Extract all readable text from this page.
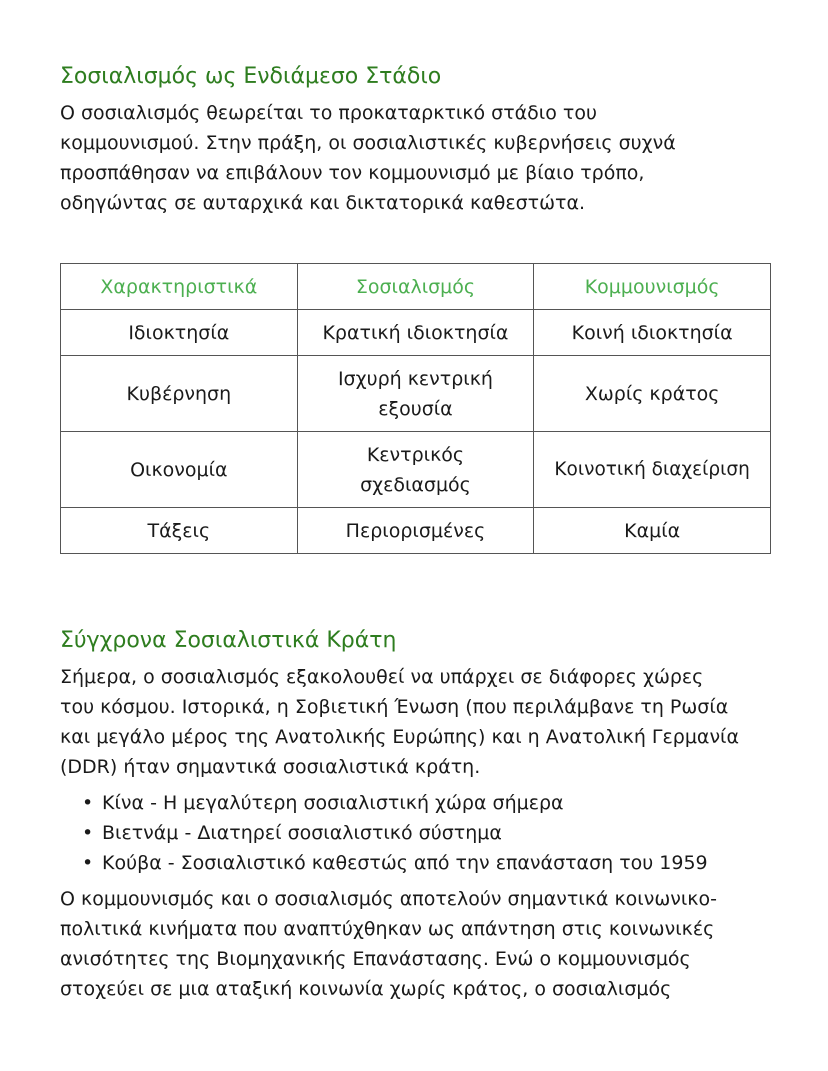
Σοσιαλισμός ως Ενδιάμεσο Στάδιο

Ο σοσιαλισμός θεωρείται το προκαταρκτικό στάδιο του
κομμουνισμού. Στην πράξη, οι σοσιαλιστικές κυβερνήσεις συχνά
προσπάθησαν να επιβάλουν τον κομμουνισμό με βίαιο τρόπο,
οδηγώντας σε αυταρχικά και δικτατορικά καθεστώτα.

Χαρακτηριστικά	Σοσιαλισμός	Κομμουνισμός
Ιδιοκτησία	Κρατική ιδιοκτησία	Κοινή ιδιοκτησία
Κυβέρνηση	Ισχυρή κεντρική εξουσία	Χωρίς κράτος
Οικονομία	Κεντρικός σχεδιασμός	Κοινοτική διαχείριση
Τάξεις	Περιορισμένες	Καμία
Σύγχρονα Σοσιαλιστικά Κράτη

Σήμερα, ο σοσιαλισμός εξακολουθεί να υπάρχει σε διάφορες χώρες
του κόσμου. Ιστορικά, η Σοβιετική Ένωση (που περιλάμβανε τη Ρωσία
και μεγάλο μέρος της Ανατολικής Ευρώπης) και η Ανατολική Γερμανία
(DDR) ήταν σημαντικά σοσιαλιστικά κράτη.

• Κίνα - Η μεγαλύτερη σοσιαλιστική χώρα σήμερα
• Βιετνάμ - Διατηρεί σοσιαλιστικό σύστημα
• Κούβα - Σοσιαλιστικό καθεστώς από την επανάσταση του 1959

Ο κομμουνισμός και ο σοσιαλισμός αποτελούν σημαντικά κοινωνικο-
πολιτικά κινήματα που αναπτύχθηκαν ως απάντηση στις κοινωνικές
ανισότητες της Βιομηχανικής Επανάστασης. Ενώ ο κομμουνισμός
στοχεύει σε μια αταξική κοινωνία χωρίς κράτος, ο σοσιαλισμός
